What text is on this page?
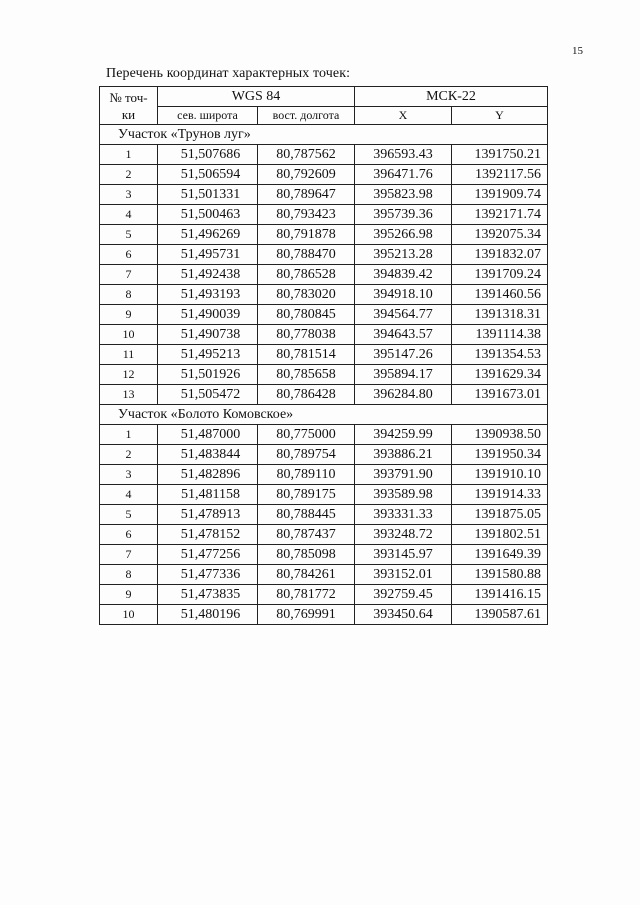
15
Перечень координат характерных точек:
№ точ-
ки	WGS 84		МСК-22	
	сев. широта	вост. долгота	X	Y
Участок «Трунов луг»				
1	51,507686	80,787562	396593.43	1391750.21
2	51,506594	80,792609	396471.76	1392117.56
3	51,501331	80,789647	395823.98	1391909.74
4	51,500463	80,793423	395739.36	1392171.74
5	51,496269	80,791878	395266.98	1392075.34
6	51,495731	80,788470	395213.28	1391832.07
7	51,492438	80,786528	394839.42	1391709.24
8	51,493193	80,783020	394918.10	1391460.56
9	51,490039	80,780845	394564.77	1391318.31
10	51,490738	80,778038	394643.57	1391114.38
11	51,495213	80,781514	395147.26	1391354.53
12	51,501926	80,785658	395894.17	1391629.34
13	51,505472	80,786428	396284.80	1391673.01
Участок «Болото Комовское»				
1	51,487000	80,775000	394259.99	1390938.50
2	51,483844	80,789754	393886.21	1391950.34
3	51,482896	80,789110	393791.90	1391910.10
4	51,481158	80,789175	393589.98	1391914.33
5	51,478913	80,788445	393331.33	1391875.05
6	51,478152	80,787437	393248.72	1391802.51
7	51,477256	80,785098	393145.97	1391649.39
8	51,477336	80,784261	393152.01	1391580.88
9	51,473835	80,781772	392759.45	1391416.15
10	51,480196	80,769991	393450.64	1390587.61
